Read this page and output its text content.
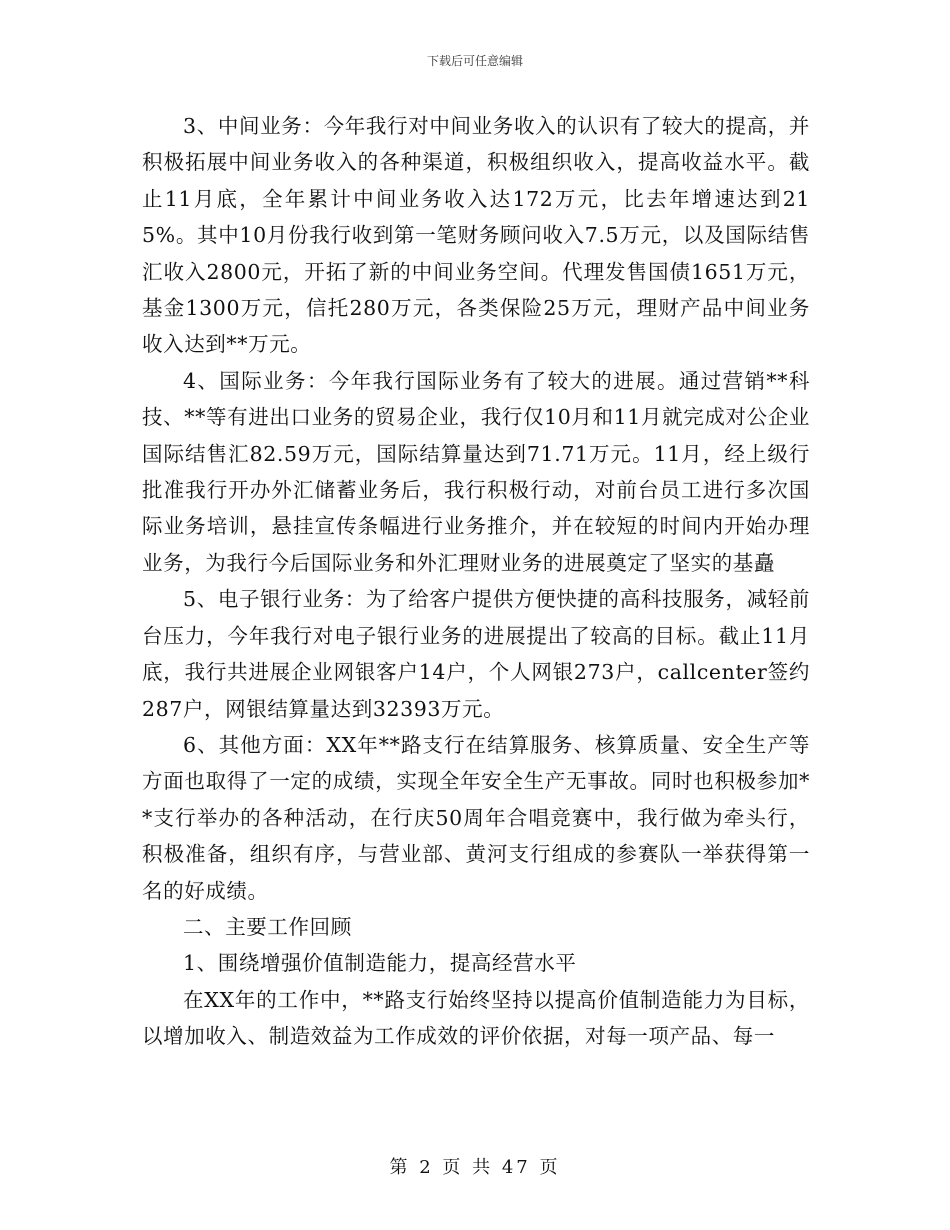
下载后可任意编辑

3、中间业务：今年我行对中间业务收入的认识有了较大的提高，并积极拓展中间业务收入的各种渠道，积极组织收入，提高收益水平。截止11月底，全年累计中间业务收入达172万元，比去年增速达到215%。其中10月份我行收到第一笔财务顾问收入7.5万元，以及国际结售汇收入2800元，开拓了新的中间业务空间。代理发售国债1651万元，基金1300万元，信托280万元，各类保险25万元，理财产品中间业务收入达到**万元。

4、国际业务：今年我行国际业务有了较大的进展。通过营销**科技、**等有进出口业务的贸易企业，我行仅10月和11月就完成对公企业国际结售汇82.59万元，国际结算量达到71.71万元。11月，经上级行批准我行开办外汇储蓄业务后，我行积极行动，对前台员工进行多次国际业务培训，悬挂宣传条幅进行业务推介，并在较短的时间内开始办理业务，为我行今后国际业务和外汇理财业务的进展奠定了坚实的基矗

5、电子银行业务：为了给客户提供方便快捷的高科技服务，减轻前台压力，今年我行对电子银行业务的进展提出了较高的目标。截止11月底，我行共进展企业网银客户14户，个人网银273户，callcenter签约287户，网银结算量达到32393万元。

6、其他方面：XX年**路支行在结算服务、核算质量、安全生产等方面也取得了一定的成绩，实现全年安全生产无事故。同时也积极参加**支行举办的各种活动，在行庆50周年合唱竞赛中，我行做为牵头行，积极准备，组织有序，与营业部、黄河支行组成的参赛队一举获得第一名的好成绩。

二、主要工作回顾

1、围绕增强价值制造能力，提高经营水平

在XX年的工作中，**路支行始终坚持以提高价值制造能力为目标，以增加收入、制造效益为工作成效的评价依据，对每一项产品、每一

第 2 页 共 47 页
